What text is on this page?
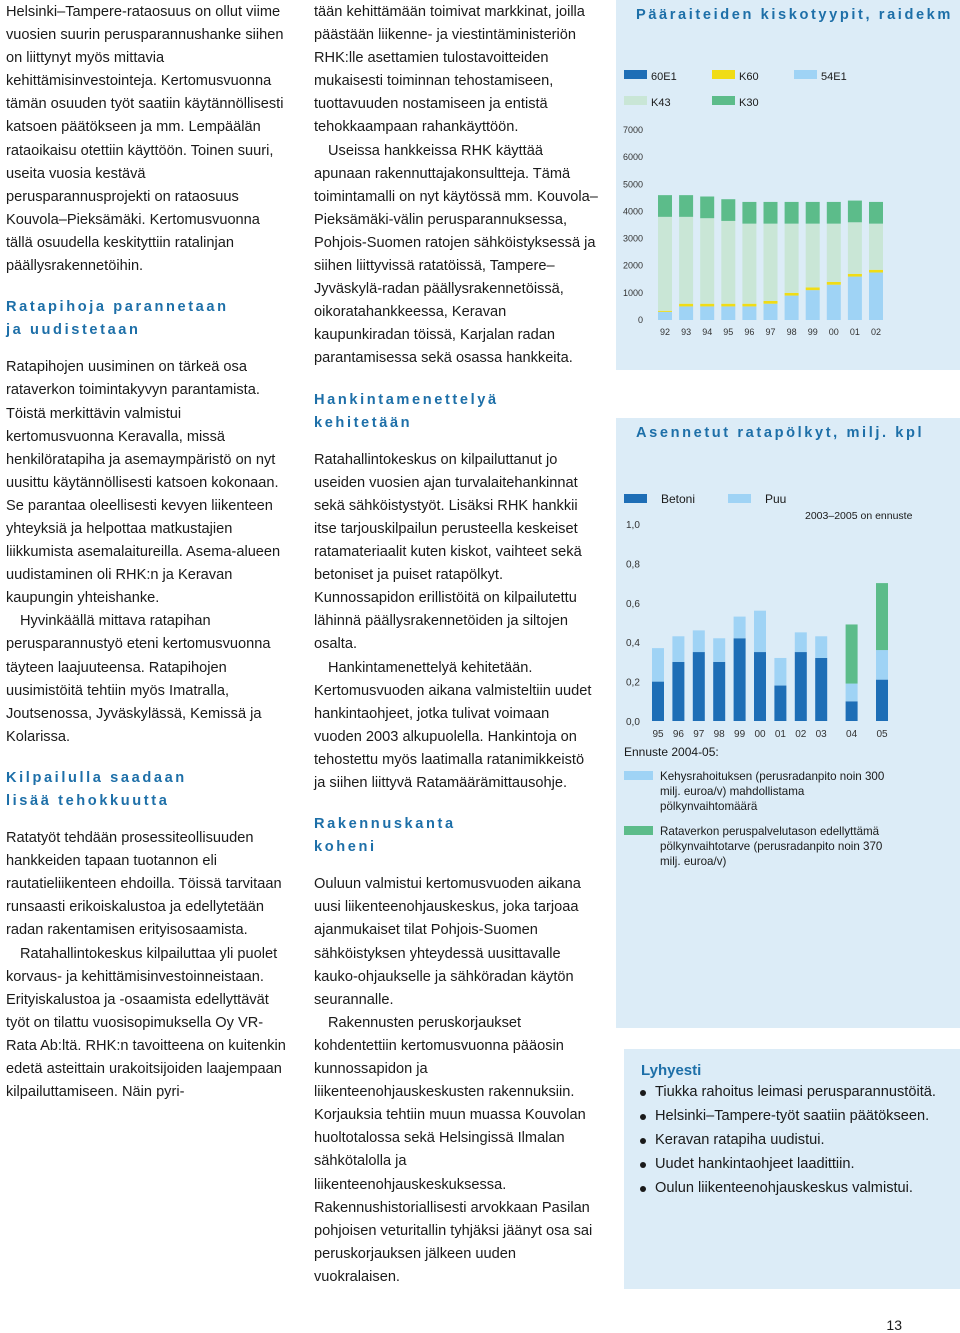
Helsinki–Tampere-rataosuus on ollut viime vuosien suurin perusparannushanke siihen on liittynyt myös mittavia kehittämisinvestointeja. Kertomusvuonna tämän osuuden työt saatiin käytännöllisesti katsoen päätökseen ja mm. Lempäälän rataoikaisu otettiin käyttöön. Toinen suuri, useita vuosia kestävä perusparannusprojekti on rataosuus Kouvola–Pieksämäki. Kertomusvuonna tällä osuudella keskityttiin ratalinjan päällysrakennetöihin.

Ratapihoja parannetaan
ja uudistetaan

Ratapihojen uusiminen on tärkeä osa rataverkon toimintakyvyn parantamista. Töistä merkittävin valmistui kertomusvuonna Keravalla, missä henkilöratapiha ja asemaympäristö on nyt uusittu käytännöllisesti katsoen kokonaan. Se parantaa oleellisesti kevyen liikenteen yhteyksiä ja helpottaa matkustajien liikkumista asemalaitureilla. Asema-alueen uudistaminen oli RHK:n ja Keravan kaupungin yhteishanke.

Hyvinkäällä mittava ratapihan perusparannustyö eteni kertomusvuonna täyteen laajuuteensa. Ratapihojen uusimistöitä tehtiin myös Imatralla, Joutsenossa, Jyväskylässä, Kemissä ja Kolarissa.

Kilpailulla saadaan
lisää tehokkuutta

Ratatyöt tehdään prosessiteollisuuden hankkeiden tapaan tuotannon eli rautatieliikenteen ehdoilla. Töissä tarvitaan runsaasti erikoiskalustoa ja edellytetään radan rakentamisen erityisosaamista.

Ratahallintokeskus kilpailuttaa yli puolet korvaus- ja kehittämisinvestoinneistaan. Erityiskalustoa ja -osaamista edellyttävät työt on tilattu vuosisopimuksella Oy VR-Rata Ab:ltä. RHK:n tavoitteena on kuitenkin edetä asteittain urakoitsijoiden laajempaan kilpailuttamiseen. Näin pyri-

tään kehittämään toimivat markkinat, joilla päästään liikenne- ja viestintäministeriön RHK:lle asettamien tulostavoitteiden mukaisesti toiminnan tehostamiseen, tuottavuuden nostamiseen ja entistä tehokkaampaan rahankäyttöön.

Useissa hankkeissa RHK käyttää apunaan rakennuttajakonsultteja. Tämä toimintamalli on nyt käytössä mm. Kouvola–Pieksämäki-välin perusparannuksessa, Pohjois-Suomen ratojen sähköistyksessä ja siihen liittyvissä ratatöissä, Tampere–Jyväskylä-radan päällysrakennetöissä, oikoratahankkeessa, Keravan kaupunkiradan töissä, Karjalan radan parantamisessa sekä osassa hankkeita.

Hankintamenettelyä
kehitetään

Ratahallintokeskus on kilpailuttanut jo useiden vuosien ajan turvalaitehankinnat sekä sähköistystyöt. Lisäksi RHK hankkii itse tarjouskilpailun perusteella keskeiset ratamateriaalit kuten kiskot, vaihteet sekä betoniset ja puiset ratapölkyt. Kunnossapidon erillistöitä on kilpailutettu lähinnä päällysrakennetöiden ja siltojen osalta.

Hankintamenettelyä kehitetään. Kertomusvuoden aikana valmisteltiin uudet hankintaohjeet, jotka tulivat voimaan vuoden 2003 alkupuolella. Hankintoja on tehostettu myös laatimalla ratanimikkeistö ja siihen liittyvä Ratamäärämittausohje.

Rakennuskanta
koheni

Ouluun valmistui kertomusvuoden aikana uusi liikenteenohjauskeskus, joka tarjoaa ajanmukaiset tilat Pohjois-Suomen sähköistyksen yhteydessä uusittavalle kauko-ohjaukselle ja sähköradan käytön seurannalle.

Rakennusten peruskorjaukset kohdentettiin kertomusvuonna pääosin kunnossapidon ja liikenteenohjauskeskusten rakennuksiin. Korjauksia tehtiin muun muassa Kouvolan huoltotalossa sekä Helsingissä Ilmalan sähkötalolla ja liikenteenohjauskeskuksessa. Rakennushistoriallisesti arvokkaan Pasilan pohjoisen veturitallin tyhjäksi jäänyt osa sai peruskorjauksen jälkeen uuden vuokralaisen.

Pääraiteiden kiskotyypit, raidekm
60E1	K60	54E1
K43	K30
7000
6000
5000
4000
3000
2000
1000
0
92 93 94 95 96 97 98 99 00 01 02
Asennetut ratapölkyt, milj. kpl
Betoni	Puu
2003–2005 on ennuste
1,0
0,8
0,6
0,4
0,2
0,0
95 96 97 98 99 00 01 02 03 04 05
Ennuste 2004-05:
Kehysrahoituksen (perusradanpito noin 300 milj. euroa/v) mahdollistama pölkynvaihtomäärä
Rataverkon peruspalvelutason edellyttämä pölkynvaihtotarve (perusradanpito noin 370 milj. euroa/v)
Lyhyesti
Tiukka rahoitus leimasi perusparannustöitä.
Helsinki–Tampere-työt saatiin päätökseen.
Keravan ratapiha uudistui.
Uudet hankintaohjeet laadittiin.
Oulun liikenteenohjauskeskus valmistui.
13
